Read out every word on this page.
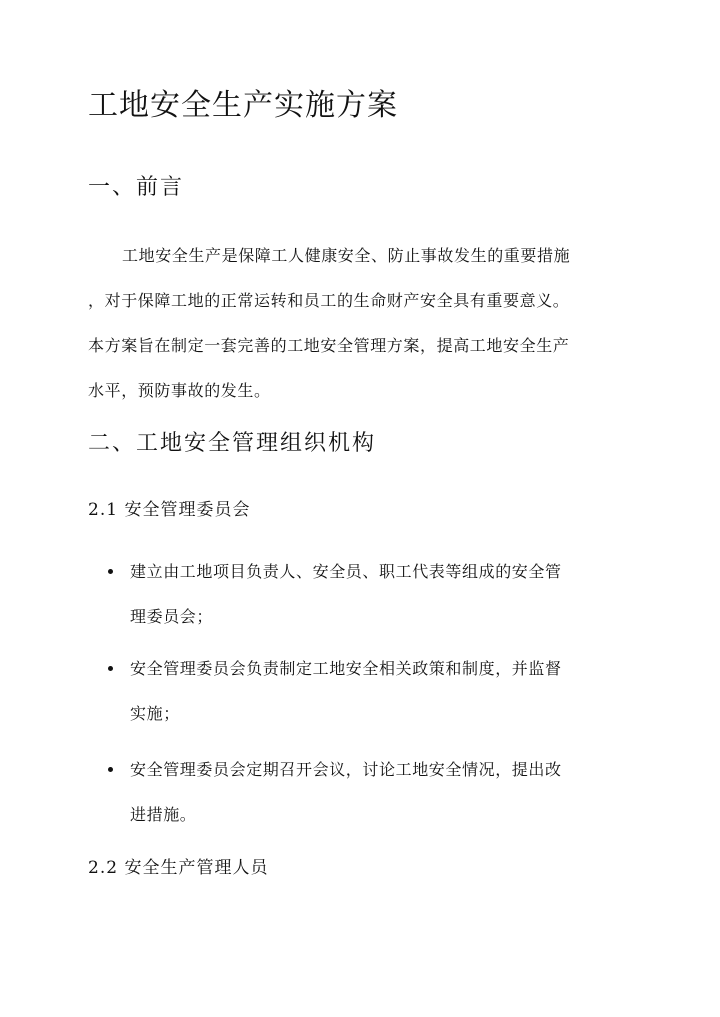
工地安全生产实施方案
一、前言
工地安全生产是保障工人健康安全、防止事故发生的重要措施
，对于保障工地的正常运转和员工的生命财产安全具有重要意义。
本方案旨在制定一套完善的工地安全管理方案，提高工地安全生产
水平，预防事故的发生。
二、工地安全管理组织机构
2.1 安全管理委员会
建立由工地项目负责人、安全员、职工代表等组成的安全管
理委员会；
安全管理委员会负责制定工地安全相关政策和制度，并监督
实施；
安全管理委员会定期召开会议，讨论工地安全情况，提出改
进措施。
2.2 安全生产管理人员
